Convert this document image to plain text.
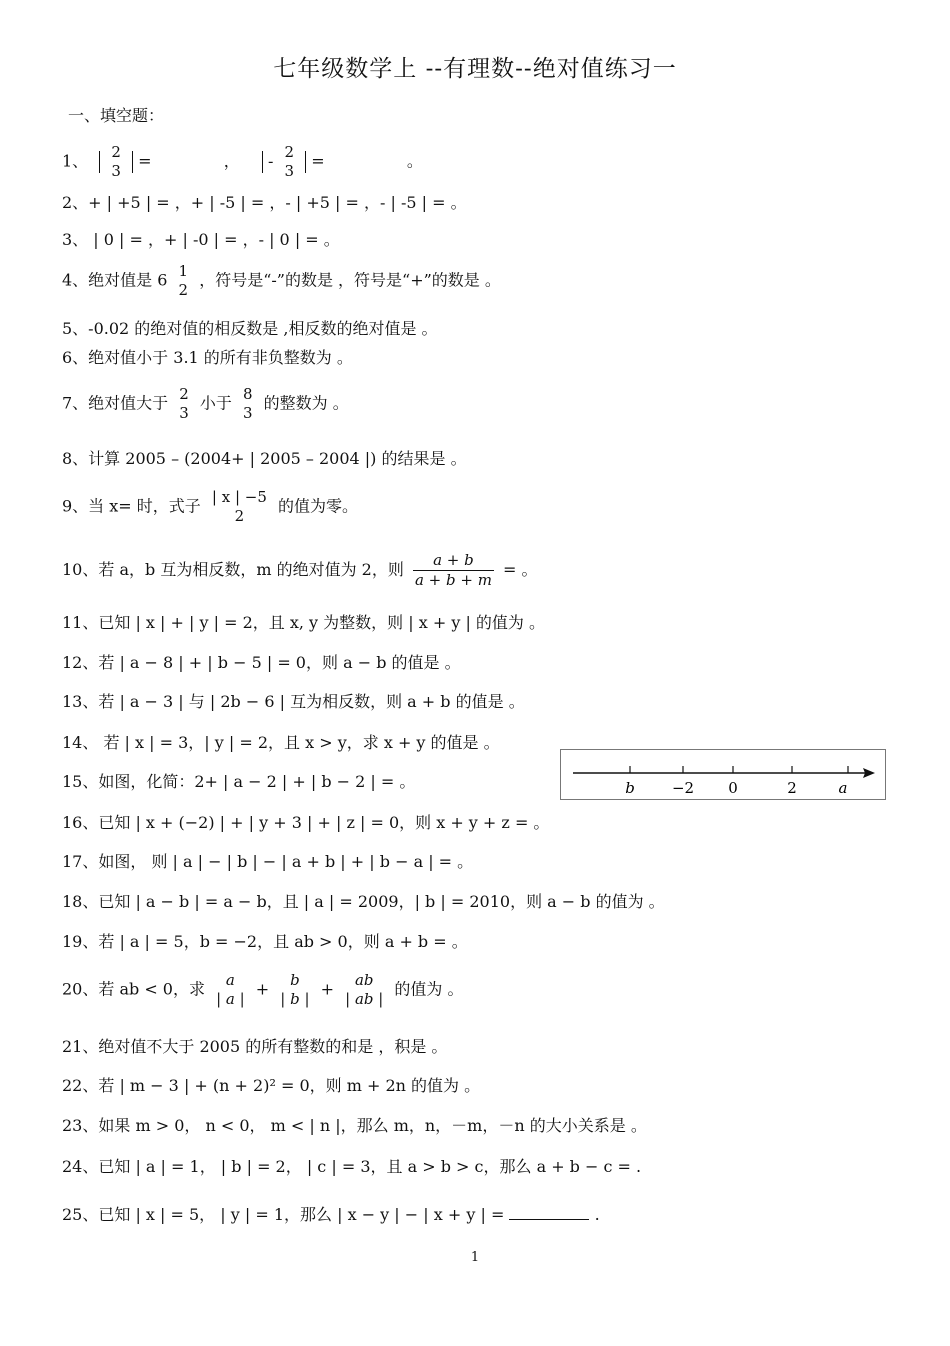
七年级数学上 --有理数--绝对值练习一
一、填空题：
1、 2
3
=	， - 2
3
=	。
2、+ | +5 | = ，+ | -5 | = ，- | +5 | = ，- | -5 | = 。
3、 | 0 | = ，+ | -0 | = ，- | 0 | = 。
4、绝对值是 6 1
2
，符号是“-”的数是 ，符号是“+”的数是 。
5、-0.02 的绝对值的相反数是 ,相反数的绝对值是 。
6、绝对值小于 3.1 的所有非负整数为 。
7、绝对值大于 2
3
小于 8
3
的整数为 。
8、计算 2005 – (2004+ | 2005 – 2004 |) 的结果是 。
9、当 x= 时，式子 | x | −5
2
的值为零。
10、若 a，b 互为相反数，m 的绝对值为 2，则 $\frac{a + b}{a + b + m}$ = 。
11、已知 | x | + | y | = 2，且 x, y 为整数，则 | x + y | 的值为 。
12、若 | a − 8 | + | b − 5 | = 0，则 a − b 的值是 。
13、若 | a − 3 | 与 | 2b − 6 | 互为相反数，则 a + b 的值是 。
14、 若 | x | = 3，| y | = 2，且 x > y，求 x + y 的值是 。
15、如图，化简：2+ | a − 2 | + | b − 2 | = 。	b −2 0	2	a
16、已知 | x + (−2) | + | y + 3 | + | z | = 0，则 x + y + z = 。
17、如图， 则 | a | − | b | − | a + b | + | b − a | = 。
18、已知 | a − b | = a − b，且 | a | = 2009，| b | = 2010，则 a − b 的值为 。
19、若 | a | = 5，b = −2，且 ab > 0，则 a + b = 。
20、若 ab < 0，求	a
| a |
+	b
| b |
+	ab
| ab |
的值为 。
21、绝对值不大于 2005 的所有整数的和是 ，积是 。
22、若 | m − 3 | + (n + 2)² = 0，则 m + 2n 的值为 。
23、如果 m > 0， n < 0， m < | n |，那么 m，n，－m，－n 的大小关系是 。
24、已知 | a | = 1， | b | = 2， | c | = 3，且 a > b > c，那么 a + b − c = .
25、已知 | x | = 5， | y | = 1，那么 | x − y | − | x + y | =	.
1
